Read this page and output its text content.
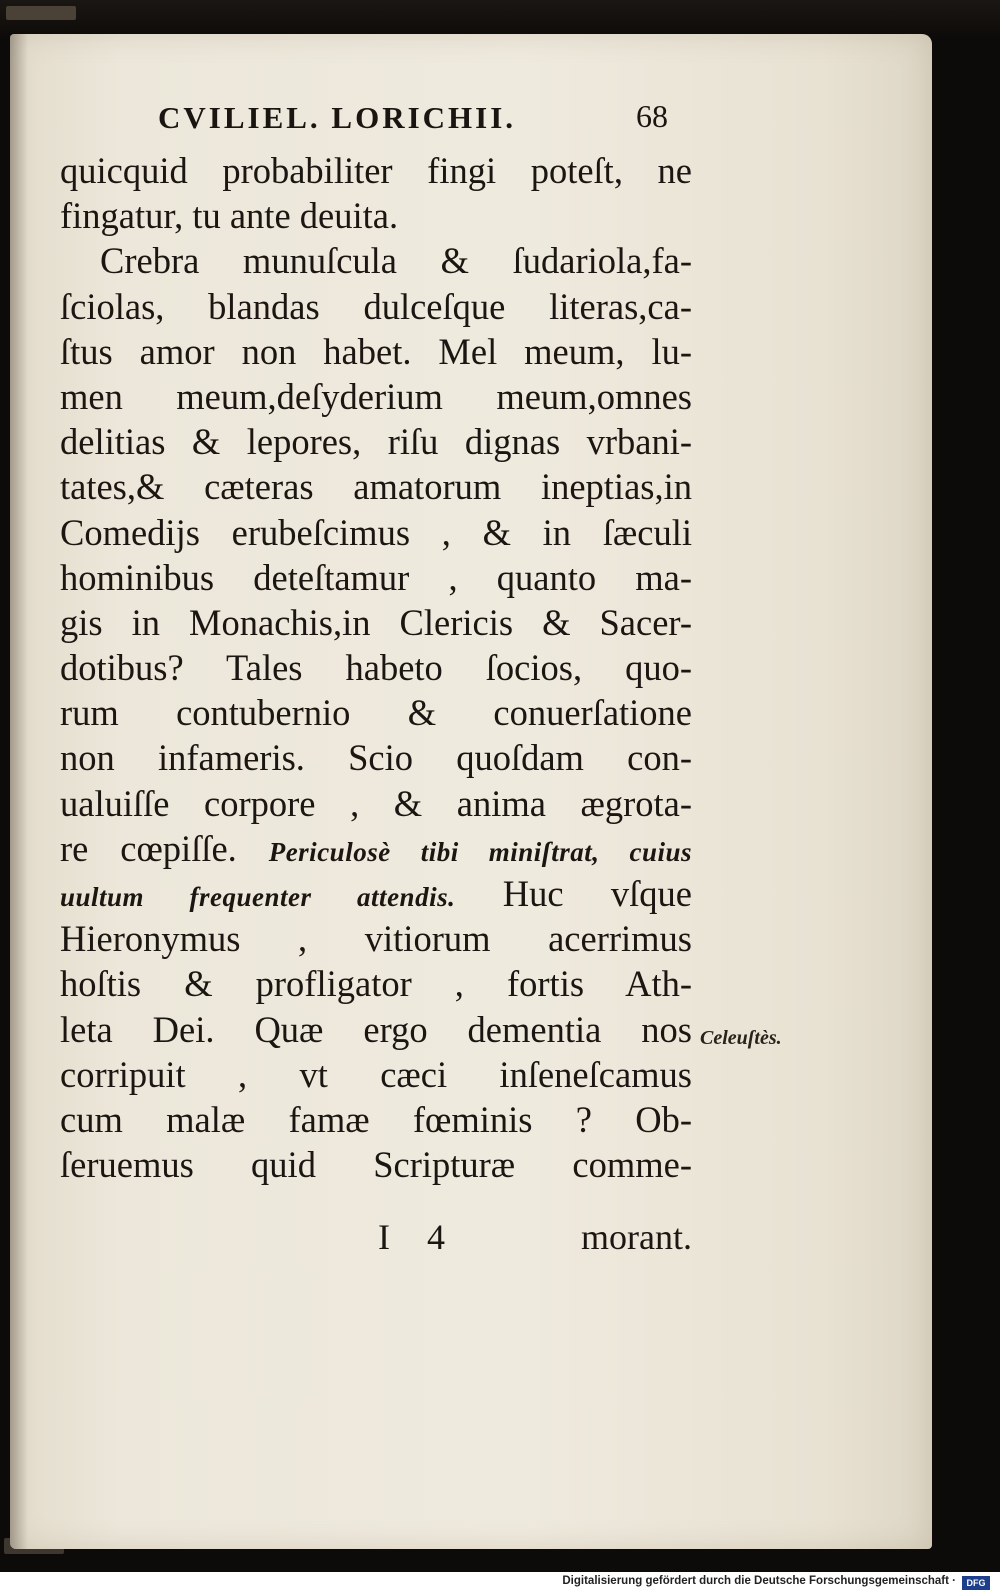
CVILIEL. LORICHII.	68
quicquid probabiliter fingi poteſt, ne
fingatur, tu ante deuita.
Crebra munuſcula & ſudariola,fa-
ſciolas, blandas dulceſque literas,ca-
ſtus amor non habet. Mel meum, lu-
men meum,deſyderium meum,omnes
delitias & lepores, riſu dignas vrbani-
tates,& cæteras amatorum ineptias,in
Comedijs erubeſcimus , & in ſæculi
hominibus deteſtamur , quanto ma-
gis in Monachis,in Clericis & Sacer-
dotibus? Tales habeto ſocios, quo-
rum contubernio & conuerſatione
non infameris. Scio quoſdam con-
ualuiſſe corpore , & anima ægrota-
re cœpiſſe. Periculosè tibi miniſtrat, cuius
uultum frequenter attendis. Huc vſque
Hieronymus , vitiorum acerrimus
hoſtis & profligator , fortis Ath-
leta Dei. Quæ ergo dementia nos
corripuit , vt cæci inſeneſcamus
cum malæ famæ fœminis ? Ob-
ſeruemus quid Scripturæ comme-
Celeuſtès.
I 4	morant.
Digitalisierung gefördert durch die Deutsche Forschungsgemeinschaft ·	DFG
